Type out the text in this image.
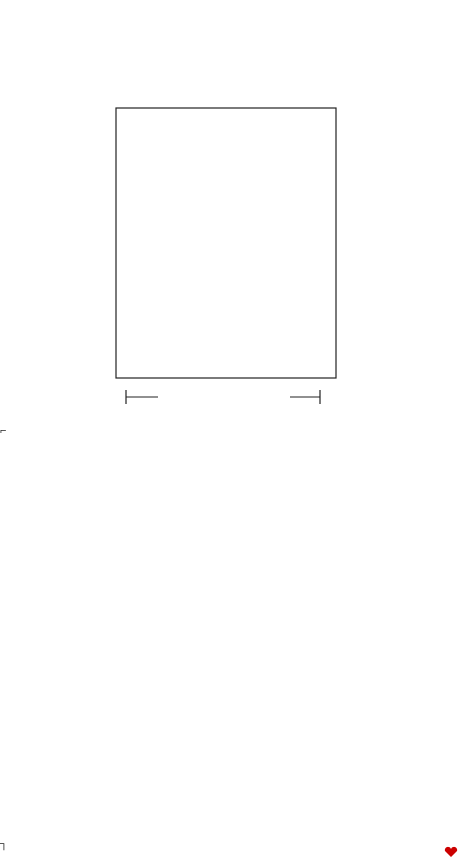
⌐
┐
